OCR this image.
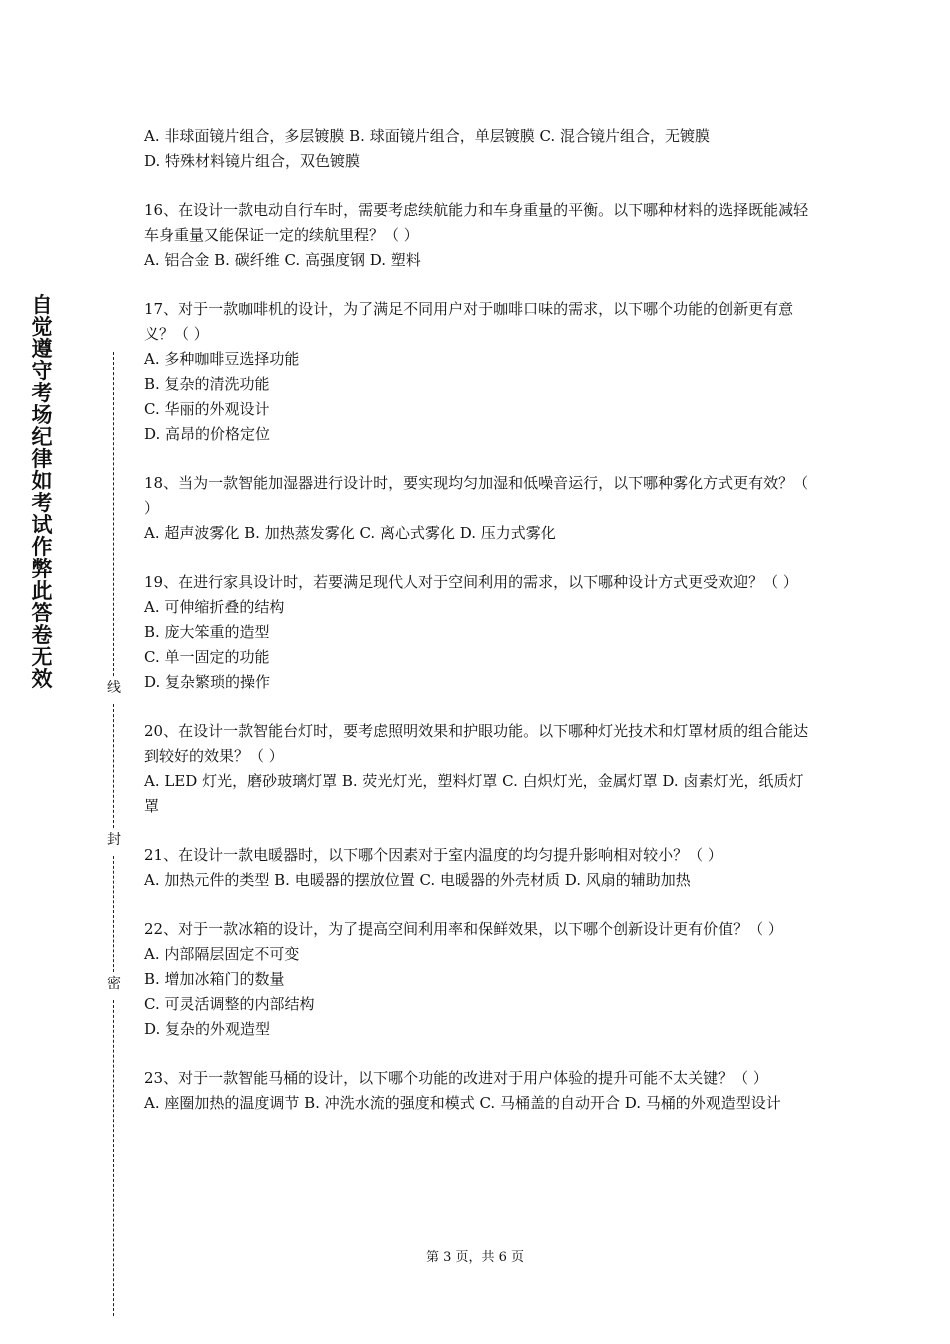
自觉遵守考场纪律如考试作弊此答卷无效	线
封
密

A. 非球面镜片组合，多层镀膜 B. 球面镜片组合，单层镀膜 C. 混合镜片组合，无镀膜

D. 特殊材料镜片组合，双色镀膜

16、在设计一款电动自行车时，需要考虑续航能力和车身重量的平衡。以下哪种材料的选择既能减轻车身重量又能保证一定的续航里程？（ ）

A. 铝合金 B. 碳纤维 C. 高强度钢 D. 塑料

17、对于一款咖啡机的设计，为了满足不同用户对于咖啡口味的需求，以下哪个功能的创新更有意义？（ ）

A. 多种咖啡豆选择功能

B. 复杂的清洗功能

C. 华丽的外观设计

D. 高昂的价格定位

18、当为一款智能加湿器进行设计时，要实现均匀加湿和低噪音运行，以下哪种雾化方式更有效？（ ）

A. 超声波雾化 B. 加热蒸发雾化 C. 离心式雾化 D. 压力式雾化

19、在进行家具设计时，若要满足现代人对于空间利用的需求，以下哪种设计方式更受欢迎？（ ）

A. 可伸缩折叠的结构

B. 庞大笨重的造型

C. 单一固定的功能

D. 复杂繁琐的操作

20、在设计一款智能台灯时，要考虑照明效果和护眼功能。以下哪种灯光技术和灯罩材质的组合能达到较好的效果？（ ）

A. LED 灯光，磨砂玻璃灯罩 B. 荧光灯光，塑料灯罩 C. 白炽灯光，金属灯罩 D. 卤素灯光，纸质灯罩

21、在设计一款电暖器时，以下哪个因素对于室内温度的均匀提升影响相对较小？（ ）

A. 加热元件的类型 B. 电暖器的摆放位置 C. 电暖器的外壳材质 D. 风扇的辅助加热

22、对于一款冰箱的设计，为了提高空间利用率和保鲜效果，以下哪个创新设计更有价值？（ ）

A. 内部隔层固定不可变

B. 增加冰箱门的数量

C. 可灵活调整的内部结构

D. 复杂的外观造型

23、对于一款智能马桶的设计，以下哪个功能的改进对于用户体验的提升可能不太关键？（ ）

A. 座圈加热的温度调节 B. 冲洗水流的强度和模式 C. 马桶盖的自动开合 D. 马桶的外观造型设计

第 3 页，共 6 页
